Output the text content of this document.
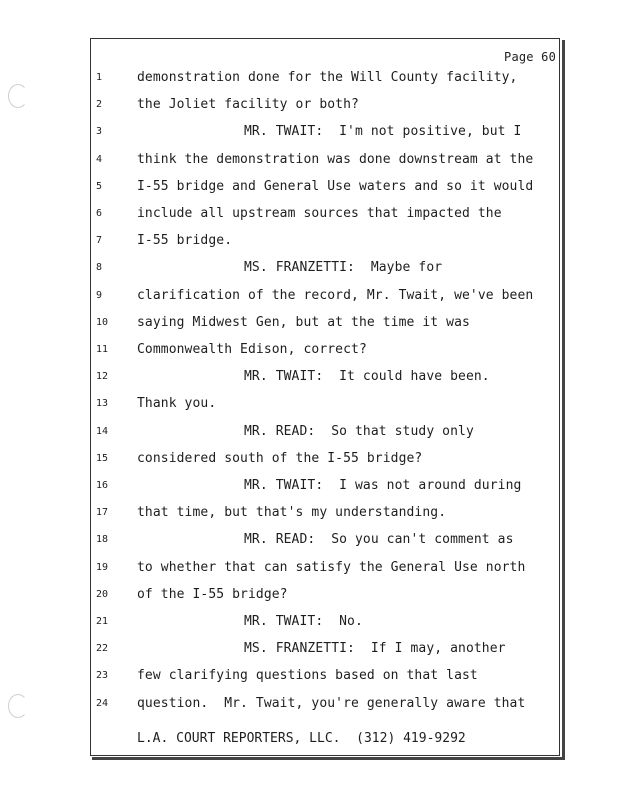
Page 60
1	demonstration done for the Will County facility,
2	the Joliet facility or both?
3	MR. TWAIT:  I'm not positive, but I
4	think the demonstration was done downstream at the
5	I-55 bridge and General Use waters and so it would
6	include all upstream sources that impacted the
7	I-55 bridge.
8	MS. FRANZETTI:  Maybe for
9	clarification of the record, Mr. Twait, we've been
10	saying Midwest Gen, but at the time it was
11	Commonwealth Edison, correct?
12	MR. TWAIT:  It could have been.
13	Thank you.
14	MR. READ:  So that study only
15	considered south of the I-55 bridge?
16	MR. TWAIT:  I was not around during
17	that time, but that's my understanding.
18	MR. READ:  So you can't comment as
19	to whether that can satisfy the General Use north
20	of the I-55 bridge?
21	MR. TWAIT:  No.
22	MS. FRANZETTI:  If I may, another
23	few clarifying questions based on that last
24	question.  Mr. Twait, you're generally aware that
L.A. COURT REPORTERS, LLC.  (312) 419-9292
